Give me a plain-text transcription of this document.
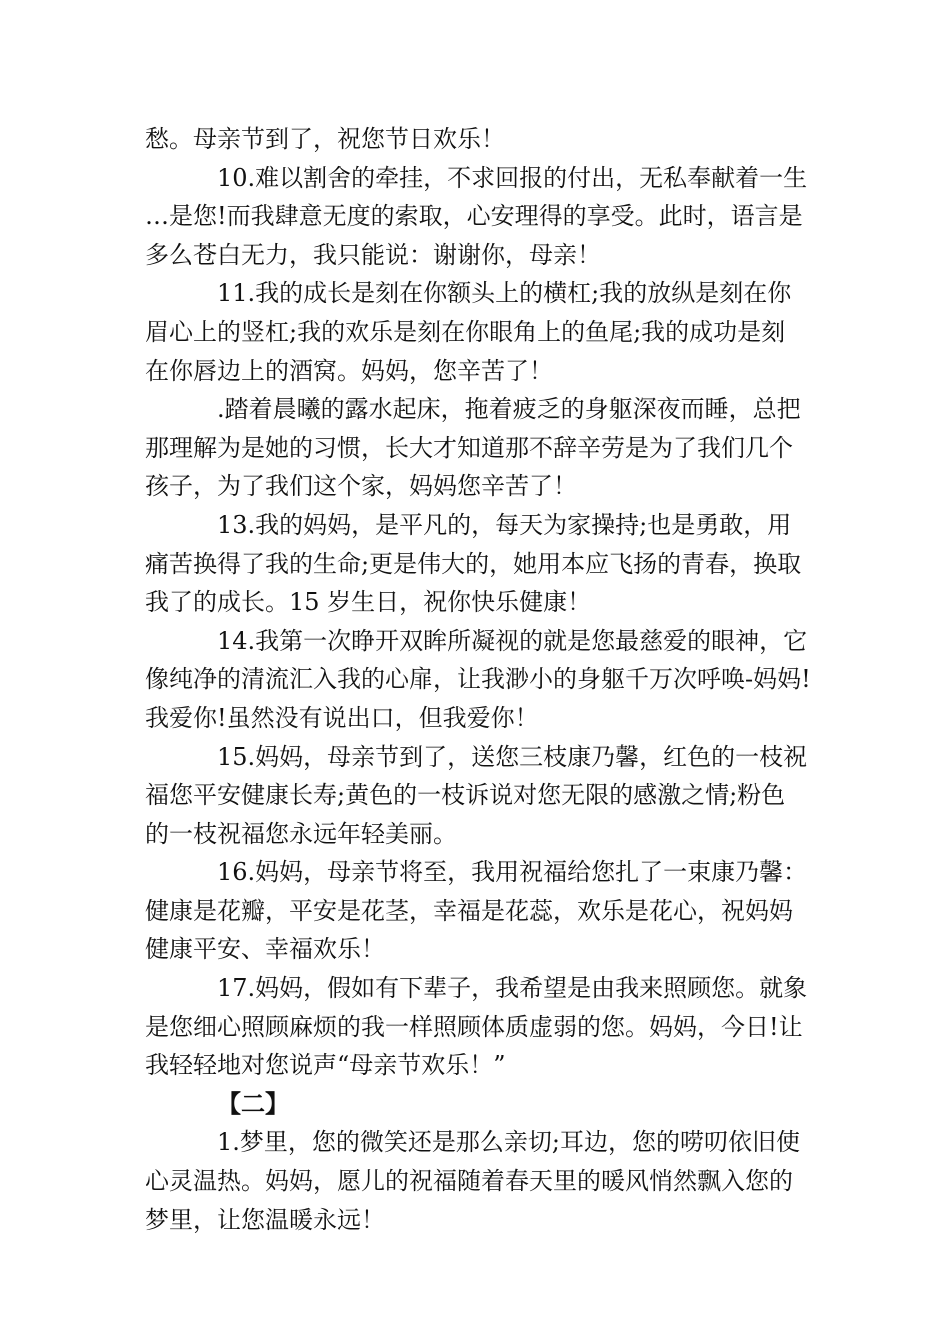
愁。母亲节到了，祝您节日欢乐！
10.难以割舍的牵挂，不求回报的付出，无私奉献着一生
…是您!而我肆意无度的索取，心安理得的享受。此时，语言是
多么苍白无力，我只能说：谢谢你，母亲！
11.我的成长是刻在你额头上的横杠;我的放纵是刻在你
眉心上的竖杠;我的欢乐是刻在你眼角上的鱼尾;我的成功是刻
在你唇边上的酒窝。妈妈，您辛苦了！
.踏着晨曦的露水起床，拖着疲乏的身躯深夜而睡，总把
那理解为是她的习惯，长大才知道那不辞辛劳是为了我们几个
孩子，为了我们这个家，妈妈您辛苦了！
13.我的妈妈，是平凡的，每天为家操持;也是勇敢，用
痛苦换得了我的生命;更是伟大的，她用本应飞扬的青春，换取
我了的成长。15 岁生日，祝你快乐健康！
14.我第一次睁开双眸所凝视的就是您最慈爱的眼神，它
像纯净的清流汇入我的心扉，让我渺小的身躯千万次呼唤-妈妈!
我爱你!虽然没有说出口，但我爱你！
15.妈妈，母亲节到了，送您三枝康乃馨，红色的一枝祝
福您平安健康长寿;黄色的一枝诉说对您无限的感激之情;粉色
的一枝祝福您永远年轻美丽。
16.妈妈，母亲节将至，我用祝福给您扎了一束康乃馨：
健康是花瓣，平安是花茎，幸福是花蕊，欢乐是花心，祝妈妈
健康平安、幸福欢乐！
17.妈妈，假如有下辈子，我希望是由我来照顾您。就象
是您细心照顾麻烦的我一样照顾体质虚弱的您。妈妈，今日!让
我轻轻地对您说声“母亲节欢乐！”
【二】
1.梦里，您的微笑还是那么亲切;耳边，您的唠叨依旧使
心灵温热。妈妈，愿儿的祝福随着春天里的暖风悄然飘入您的
梦里，让您温暖永远！
